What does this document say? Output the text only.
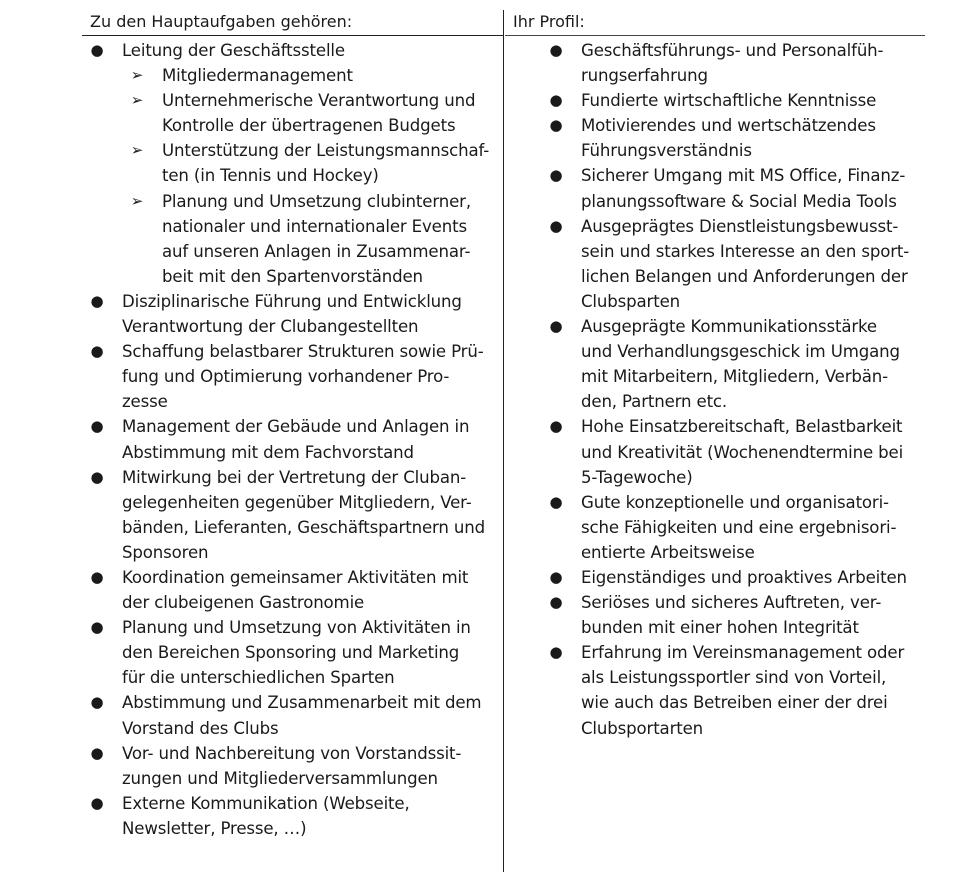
Zu den Hauptaufgaben gehören:	Ihr Profil:
● Leitung der Geschäftsstelle
➢ Mitgliedermanagement
➢ Unternehmerische Verantwortung und
Kontrolle der übertragenen Budgets
➢ Unterstützung der Leistungsmannschaf-
ten (in Tennis und Hockey)
➢ Planung und Umsetzung clubinterner,
nationaler und internationaler Events
auf unseren Anlagen in Zusammenar-
beit mit den Spartenvorständen
● Disziplinarische Führung und Entwicklung
Verantwortung der Clubangestellten
● Schaffung belastbarer Strukturen sowie Prü-
fung und Optimierung vorhandener Pro-
zesse
● Management der Gebäude und Anlagen in
Abstimmung mit dem Fachvorstand
● Mitwirkung bei der Vertretung der Cluban-
gelegenheiten gegenüber Mitgliedern, Ver-
bänden, Lieferanten, Geschäftspartnern und
Sponsoren
● Koordination gemeinsamer Aktivitäten mit
der clubeigenen Gastronomie
● Planung und Umsetzung von Aktivitäten in
den Bereichen Sponsoring und Marketing
für die unterschiedlichen Sparten
● Abstimmung und Zusammenarbeit mit dem
Vorstand des Clubs
● Vor- und Nachbereitung von Vorstandssit-
zungen und Mitgliederversammlungen
● Externe Kommunikation (Webseite,
Newsletter, Presse, …)
● Geschäftsführungs- und Personalfüh-
rungserfahrung
● Fundierte wirtschaftliche Kenntnisse
● Motivierendes und wertschätzendes
Führungsverständnis
● Sicherer Umgang mit MS Office, Finanz-
planungssoftware & Social Media Tools
● Ausgeprägtes Dienstleistungsbewusst-
sein und starkes Interesse an den sport-
lichen Belangen und Anforderungen der
Clubsparten
● Ausgeprägte Kommunikationsstärke
und Verhandlungsgeschick im Umgang
mit Mitarbeitern, Mitgliedern, Verbän-
den, Partnern etc.
● Hohe Einsatzbereitschaft, Belastbarkeit
und Kreativität (Wochenendtermine bei
5-Tagewoche)
● Gute konzeptionelle und organisatori-
sche Fähigkeiten und eine ergebnisori-
entierte Arbeitsweise
● Eigenständiges und proaktives Arbeiten
● Seriöses und sicheres Auftreten, ver-
bunden mit einer hohen Integrität
● Erfahrung im Vereinsmanagement oder
als Leistungssportler sind von Vorteil,
wie auch das Betreiben einer der drei
Clubsportarten
